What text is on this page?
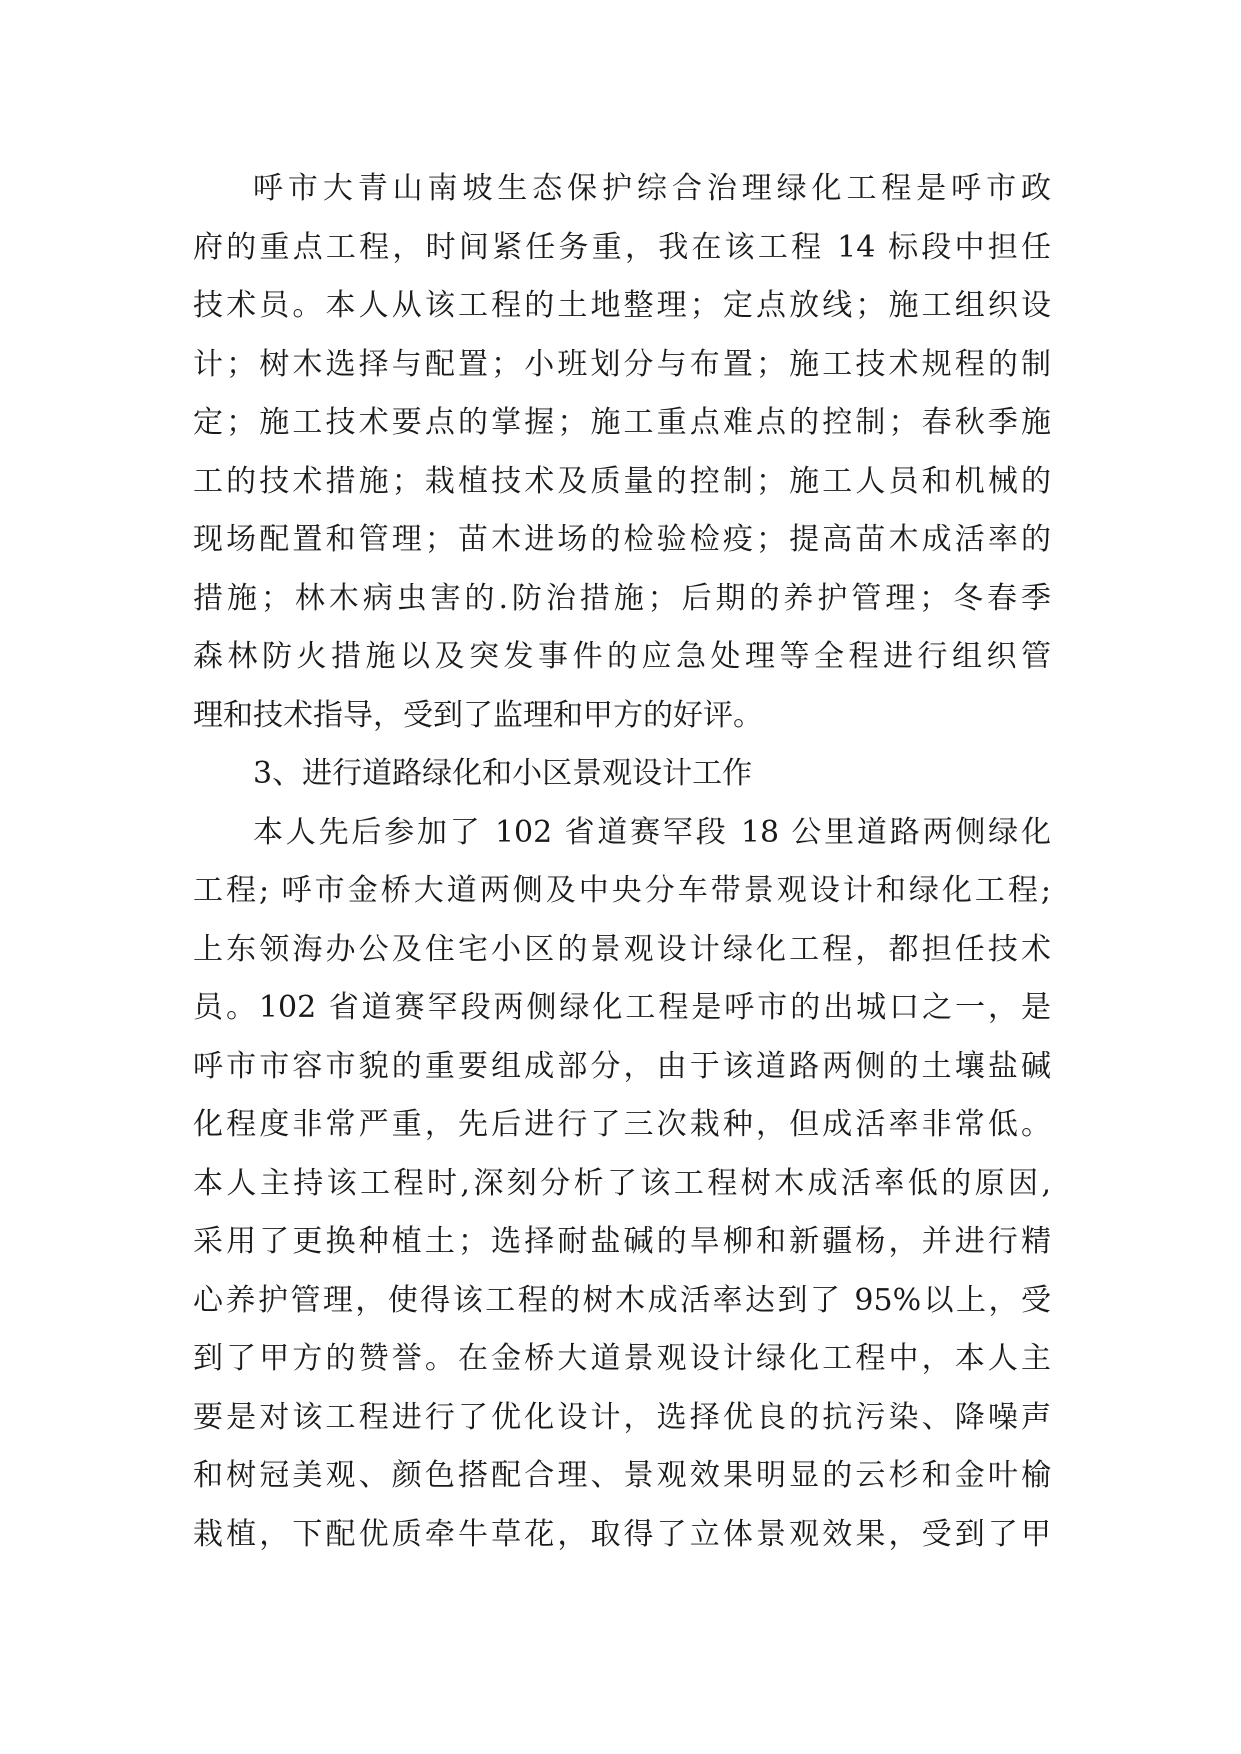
呼市大青山南坡生态保护综合治理绿化工程是呼市政
府的重点工程，时间紧任务重，我在该工程 14 标段中担任
技术员。本人从该工程的土地整理；定点放线；施工组织设
计；树木选择与配置；小班划分与布置；施工技术规程的制
定；施工技术要点的掌握；施工重点难点的控制；春秋季施
工的技术措施；栽植技术及质量的控制；施工人员和机械的
现场配置和管理；苗木进场的检验检疫；提高苗木成活率的
措施；林木病虫害的.防治措施；后期的养护管理；冬春季
森林防火措施以及突发事件的应急处理等全程进行组织管
理和技术指导，受到了监理和甲方的好评。
3、进行道路绿化和小区景观设计工作
本人先后参加了 102 省道赛罕段 18 公里道路两侧绿化
工程; 呼市金桥大道两侧及中央分车带景观设计和绿化工程;
上东领海办公及住宅小区的景观设计绿化工程，都担任技术
员。102 省道赛罕段两侧绿化工程是呼市的出城口之一，是
呼市市容市貌的重要组成部分，由于该道路两侧的土壤盐碱
化程度非常严重，先后进行了三次栽种，但成活率非常低。
本人主持该工程时,深刻分析了该工程树木成活率低的原因,
采用了更换种植土；选择耐盐碱的旱柳和新疆杨，并进行精
心养护管理，使得该工程的树木成活率达到了 95%以上，受
到了甲方的赞誉。在金桥大道景观设计绿化工程中，本人主
要是对该工程进行了优化设计，选择优良的抗污染、降噪声
和树冠美观、颜色搭配合理、景观效果明显的云杉和金叶榆
栽植，下配优质牵牛草花，取得了立体景观效果，受到了甲
